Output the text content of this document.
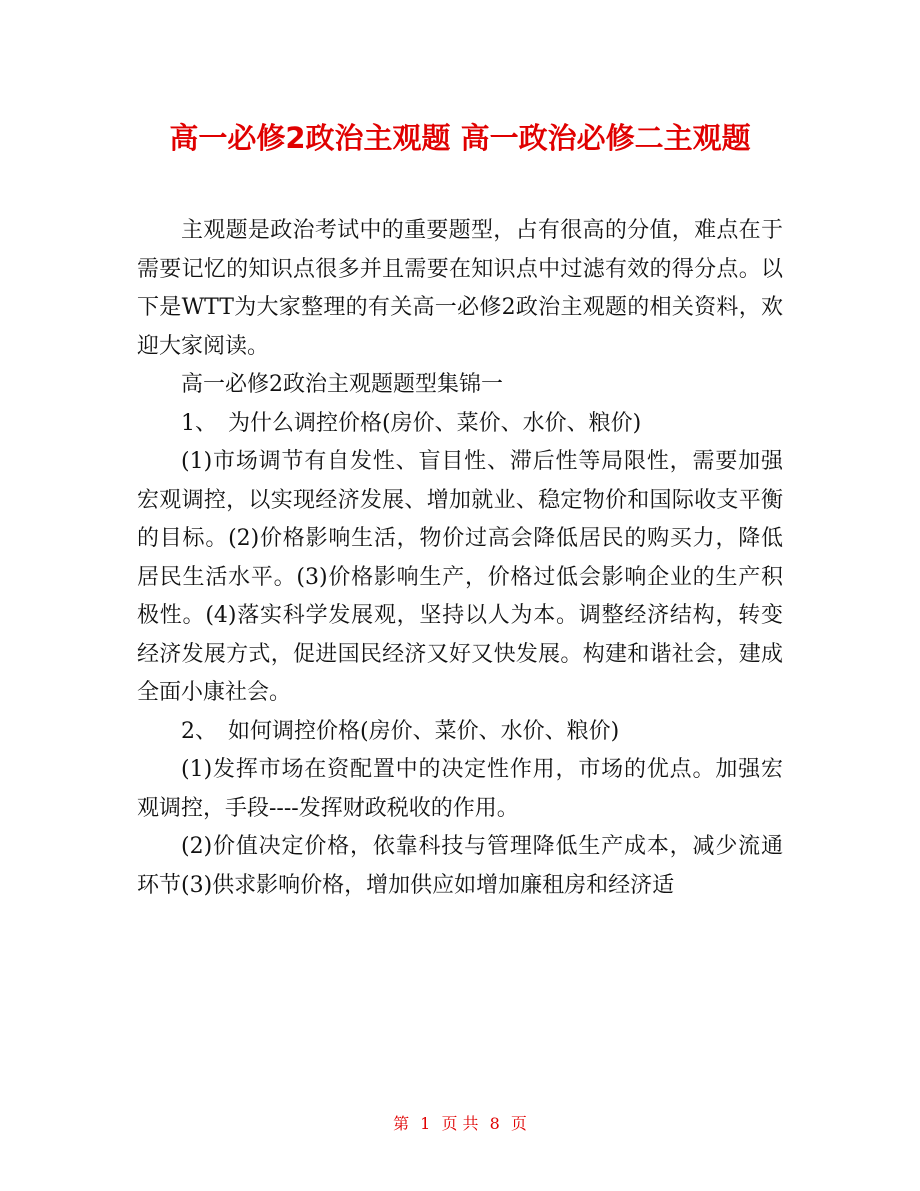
高一必修2政治主观题 高一政治必修二主观题

主观题是政治考试中的重要题型，占有很高的分值，难点在于需要记忆的知识点很多并且需要在知识点中过滤有效的得分点。以下是WTT为大家整理的有关高一必修2政治主观题的相关资料，欢迎大家阅读。

高一必修2政治主观题题型集锦一

1、　为什么调控价格(房价、菜价、水价、粮价)

(1)市场调节有自发性、盲目性、滞后性等局限性，需要加强宏观调控，以实现经济发展、增加就业、稳定物价和国际收支平衡的目标。(2)价格影响生活，物价过高会降低居民的购买力，降低居民生活水平。(3)价格影响生产，价格过低会影响企业的生产积极性。(4)落实科学发展观，坚持以人为本。调整经济结构，转变经济发展方式，促进国民经济又好又快发展。构建和谐社会，建成全面小康社会。

2、　如何调控价格(房价、菜价、水价、粮价)

(1)发挥市场在资配置中的决定性作用，市场的优点。加强宏观调控，手段----发挥财政税收的作用。

(2)价值决定价格，依靠科技与管理降低生产成本，减少流通环节(3)供求影响价格，增加供应如增加廉租房和经济适

第 1 页 共 8 页
